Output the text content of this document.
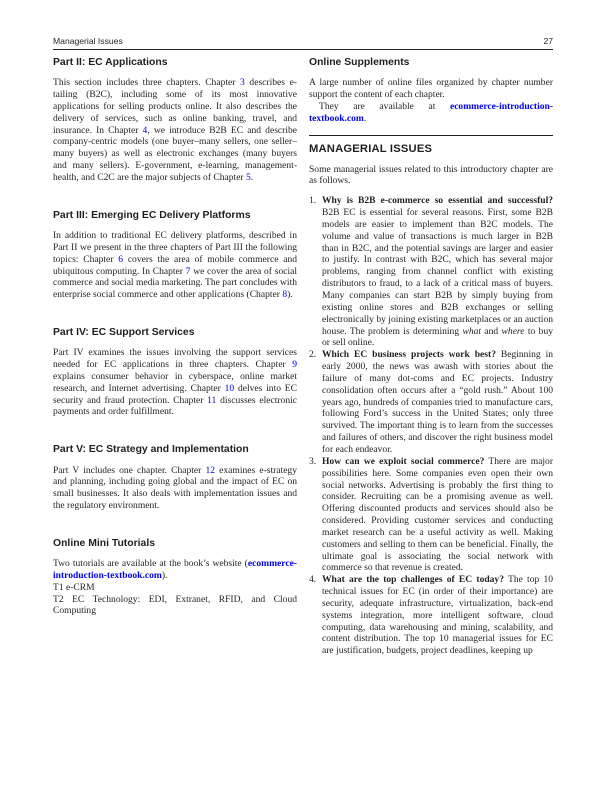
Managerial Issues	27
Part II: EC Applications

This section includes three chapters. Chapter 3 describes e-tailing (B2C), including some of its most innovative applications for selling products online. It also describes the delivery of services, such as online banking, travel, and insurance. In Chapter 4, we introduce B2B EC and describe company-centric models (one buyer–many sellers, one seller–many buyers) as well as electronic exchanges (many buyers and many sellers). E-government, e-learning, management-health, and C2C are the major subjects of Chapter 5.

Part III: Emerging EC Delivery Platforms

In addition to traditional EC delivery platforms, described in Part II we present in the three chapters of Part III the following topics: Chapter 6 covers the area of mobile commerce and ubiquitous computing. In Chapter 7 we cover the area of social commerce and social media marketing. The part concludes with enterprise social commerce and other applications (Chapter 8).

Part IV: EC Support Services

Part IV examines the issues involving the support services needed for EC applications in three chapters. Chapter 9 explains consumer behavior in cyberspace, online market research, and Internet advertising. Chapter 10 delves into EC security and fraud protection. Chapter 11 discusses electronic payments and order fulfillment.

Part V: EC Strategy and Implementation

Part V includes one chapter. Chapter 12 examines e-strategy and planning, including going global and the impact of EC on small businesses. It also deals with implementation issues and the regulatory environment.

Online Mini Tutorials

Two tutorials are available at the book’s website (ecommerce-introduction-textbook.com).

T1 e-CRM

T2 EC Technology: EDI, Extranet, RFID, and Cloud Computing

Online Supplements

A large number of online files organized by chapter number support the content of each chapter.

They are available at ecommerce-introduction-textbook.com.

MANAGERIAL ISSUES

Some managerial issues related to this introductory chapter are as follows.

1. Why is B2B e-commerce so essential and successful? B2B EC is essential for several reasons. First, some B2B models are easier to implement than B2C models. The volume and value of transactions is much larger in B2B than in B2C, and the potential savings are larger and easier to justify. In contrast with B2C, which has several major problems, ranging from channel conflict with existing distributors to fraud, to a lack of a critical mass of buyers. Many companies can start B2B by simply buying from existing online stores and B2B exchanges or selling electronically by joining existing marketplaces or an auction house. The problem is determining what and where to buy or sell online.
2. Which EC business projects work best? Beginning in early 2000, the news was awash with stories about the failure of many dot-coms and EC projects. Industry consolidation often occurs after a “gold rush.” About 100 years ago, hundreds of companies tried to manufacture cars, following Ford’s success in the United States; only three survived. The important thing is to learn from the successes and failures of others, and discover the right business model for each endeavor.
3. How can we exploit social commerce? There are major possibilities here. Some companies even open their own social networks. Advertising is probably the first thing to consider. Recruiting can be a promising avenue as well. Offering discounted products and services should also be considered. Providing customer services and conducting market research can be a useful activity as well. Making customers and selling to them can be beneficial. Finally, the ultimate goal is associating the social network with commerce so that revenue is created.
4. What are the top challenges of EC today? The top 10 technical issues for EC (in order of their importance) are security, adequate infrastructure, virtualization, back-end systems integration, more intelligent software, cloud computing, data warehousing and mining, scalability, and content distribution. The top 10 managerial issues for EC are justification, budgets, project deadlines, keeping up
